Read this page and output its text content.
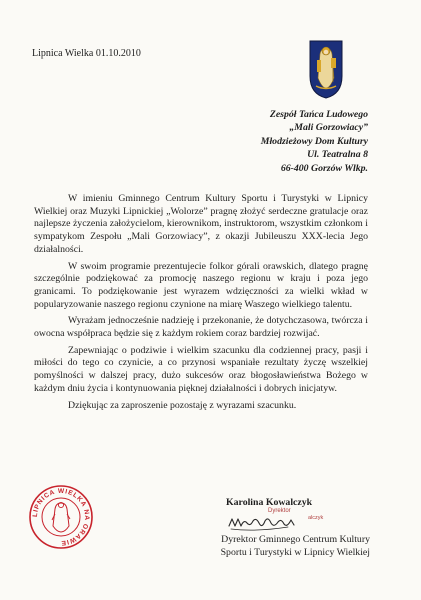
Lipnica Wielka 01.10.2010
Zespół Tańca Ludowego
„Mali Gorzowiacy”
Młodzieżowy Dom Kultury
Ul. Teatralna 8
66-400 Gorzów Wlkp.

W imieniu Gminnego Centrum Kultury Sportu i Turystyki w Lipnicy Wielkiej oraz Muzyki Lipnickiej „Wolorze” pragnę złożyć serdeczne gratulacje oraz najlepsze życzenia założycielom, kierownikom, instruktorom, wszystkim członkom i sympatykom Zespołu „Mali Gorzowiacy”, z okazji Jubileuszu XXX-lecia Jego działalności.

W swoim programie prezentujecie folkor górali orawskich, dlatego pragnę szczególnie podziękować za promocję naszego regionu w kraju i poza jego granicami. To podziękowanie jest wyrazem wdzięczności za wielki wkład w popularyzowanie naszego regionu czynione na miarę Waszego wielkiego talentu.

Wyrażam jednocześnie nadzieję i przekonanie, że dotychczasowa, twórcza i owocna współpraca będzie się z każdym rokiem coraz bardziej rozwijać.

Zapewniając o podziwie i wielkim szacunku dla codziennej pracy, pasji i miłości do tego co czynicie, a co przynosi wspaniałe rezultaty życzę wszelkiej pomyślności w dalszej pracy, dużo sukcesów oraz błogosławieństwa Bożego w każdym dniu życia i kontynuowania pięknej działalności i dobrych inicjatyw.

Dziękując za zaproszenie pozostaję z wyrazami szacunku.

LIPNICA WIELKA NA ORAWIE
Karolina Kowalczyk
Dyrektor
alczyk
Dyrektor Gminnego Centrum Kultury
Sportu i Turystyki w Lipnicy Wielkiej
